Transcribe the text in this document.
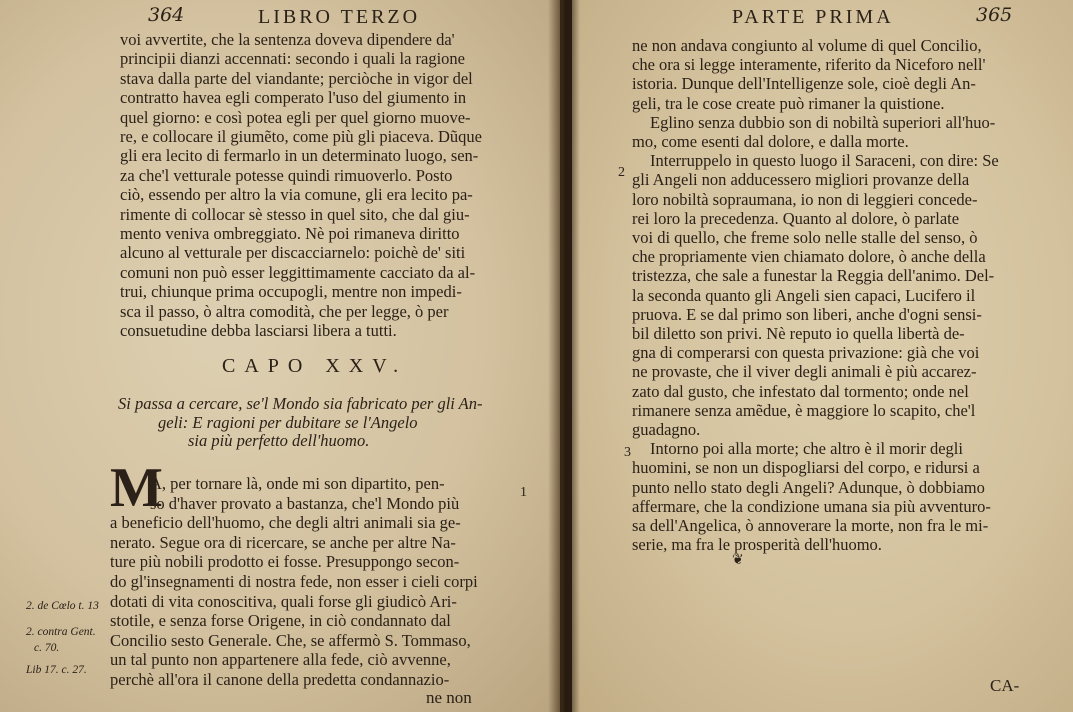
364	LIBRO TERZO
voi avvertite, che la sentenza doveva dipendere da'
principii dianzi accennati: secondo i quali la ragione
stava dalla parte del viandante; perciòche in vigor del
contratto havea egli comperato l'uso del giumento in
quel giorno: e così potea egli per quel giorno muove-
re, e collocare il giumẽto, come più gli piaceva. Dũque
gli era lecito di fermarlo in un determinato luogo, sen-
za che'l vetturale potesse quindi rimuoverlo. Posto
ciò, essendo per altro la via comune, gli era lecito pa-
rimente di collocar sè stesso in quel sito, che dal giu-
mento veniva ombreggiato. Nè poi rimaneva diritto
alcuno al vetturale per discacciarnelo: poichè de' siti
comuni non può esser leggittimamente cacciato da al-
trui, chiunque prima occupogli, mentre non impedi-
sca il passo, ò altra comodità, che per legge, ò per
consuetudine debba lasciarsi libera a tutti.
CAPO XXV.
Si passa a cercare, se'l Mondo sia fabricato per gli An-
geli: E ragioni per dubitare se l'Angelo
sia più perfetto dell'huomo.
M
A, per tornare là, onde mi son dipartito, pen-
so d'haver provato a bastanza, che'l Mondo più
a beneficio dell'huomo, che degli altri animali sia ge-
nerato. Segue ora di ricercare, se anche per altre Na-
ture più nobili prodotto ei fosse. Presuppongo secon-
do gl'insegnamenti di nostra fede, non esser i cieli corpi
dotati di vita conoscitiva, quali forse gli giudicò Ari-
stotile, e senza forse Origene, in ciò condannato dal
Concilio sesto Generale. Che, se affermò S. Tommaso,
un tal punto non appartenere alla fede, ciò avvenne,
perchè all'ora il canone della predetta condannazio-
1
2. de Cœlo t. 13
2. contra Gent.
c. 70.
Lib 17. c. 27.
ne non
PARTE PRIMA	365
ne non andava congiunto al volume di quel Concilio,
che ora si legge interamente, riferito da Niceforo nell'
istoria. Dunque dell'Intelligenze sole, cioè degli An-
geli, tra le cose create può rimaner la quistione.
Eglino senza dubbio son di nobiltà superiori all'huo-
mo, come esenti dal dolore, e dalla morte.
Interruppelo in questo luogo il Saraceni, con dire: Se
gli Angeli non adducessero migliori provanze della
loro nobiltà sopraumana, io non di leggieri concede-
rei loro la precedenza. Quanto al dolore, ò parlate
voi di quello, che freme solo nelle stalle del senso, ò
che propriamente vien chiamato dolore, ò anche della
tristezza, che sale a funestar la Reggia dell'animo. Del-
la seconda quanto gli Angeli sien capaci, Lucifero il
pruova. E se dal primo son liberi, anche d'ogni sensi-
bil diletto son privi. Nè reputo io quella libertà de-
gna di comperarsi con questa privazione: già che voi
ne provaste, che il viver degli animali è più accarez-
zato dal gusto, che infestato dal tormento; onde nel
rimanere senza amẽdue, è maggiore lo scapito, che'l
guadagno.
Intorno poi alla morte; che altro è il morir degli
huomini, se non un dispogliarsi del corpo, e ridursi a
punto nello stato degli Angeli? Adunque, ò dobbiamo
affermare, che la condizione umana sia più avventuro-
sa dell'Angelica, ò annoverare la morte, non fra le mi-
serie, ma fra le prosperità dell'huomo.
2
3
❦
CA-
